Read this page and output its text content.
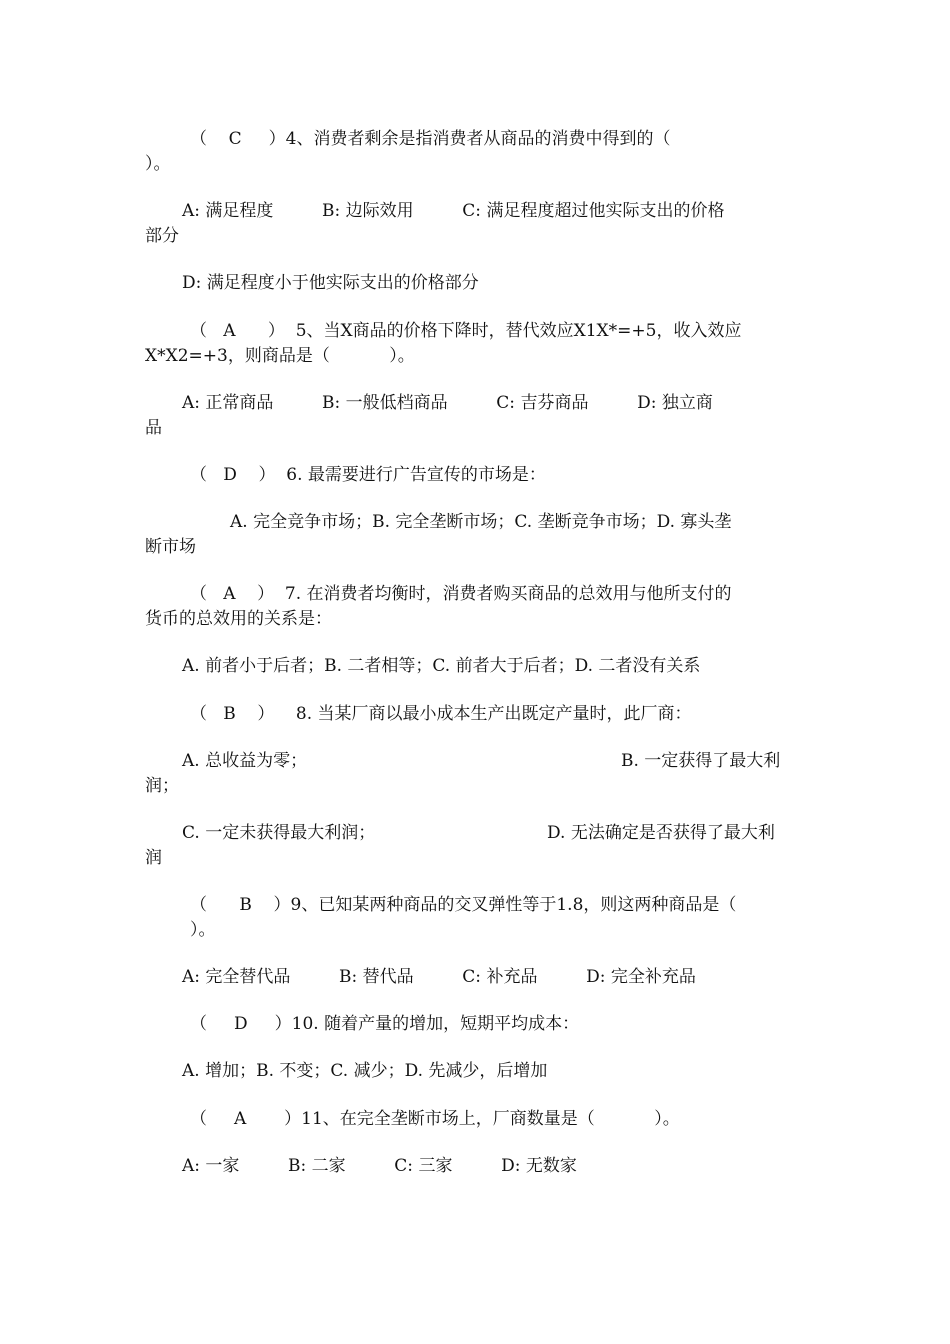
（    C     ）4、消费者剩余是指消费者从商品的消费中得到的（
）。
A: 满足程度         B: 边际效用         C: 满足程度超过他实际支出的价格
部分
D: 满足程度小于他实际支出的价格部分
（   A      ）  5、当X商品的价格下降时，替代效应X1X*=+5，收入效应
X*X2=+3，则商品是（           ）。
A: 正常商品         B: 一般低档商品         C: 吉芬商品         D: 独立商
品
（   D    ）  6. 最需要进行广告宣传的市场是：
A. 完全竞争市场；B. 完全垄断市场；C. 垄断竞争市场；D. 寡头垄
断市场
（   A    ）  7. 在消费者均衡时，消费者购买商品的总效用与他所支付的
货币的总效用的关系是：
A. 前者小于后者；B. 二者相等；C. 前者大于后者；D. 二者没有关系
（   B    ）    8. 当某厂商以最小成本生产出既定产量时，此厂商：
A. 总收益为零；	B. 一定获得了最大利
润；
C. 一定未获得最大利润；	D. 无法确定是否获得了最大利
润
（      B    ）9、已知某两种商品的交叉弹性等于1.8，则这两种商品是（
）。
A: 完全替代品         B: 替代品         C: 补充品         D: 完全补充品
（     D     ）10. 随着产量的增加，短期平均成本：
A. 增加；B. 不变；C. 减少；D. 先减少，后增加
（     A       ）11、在完全垄断市场上，厂商数量是（           ）。
A: 一家         B: 二家         C: 三家         D: 无数家
